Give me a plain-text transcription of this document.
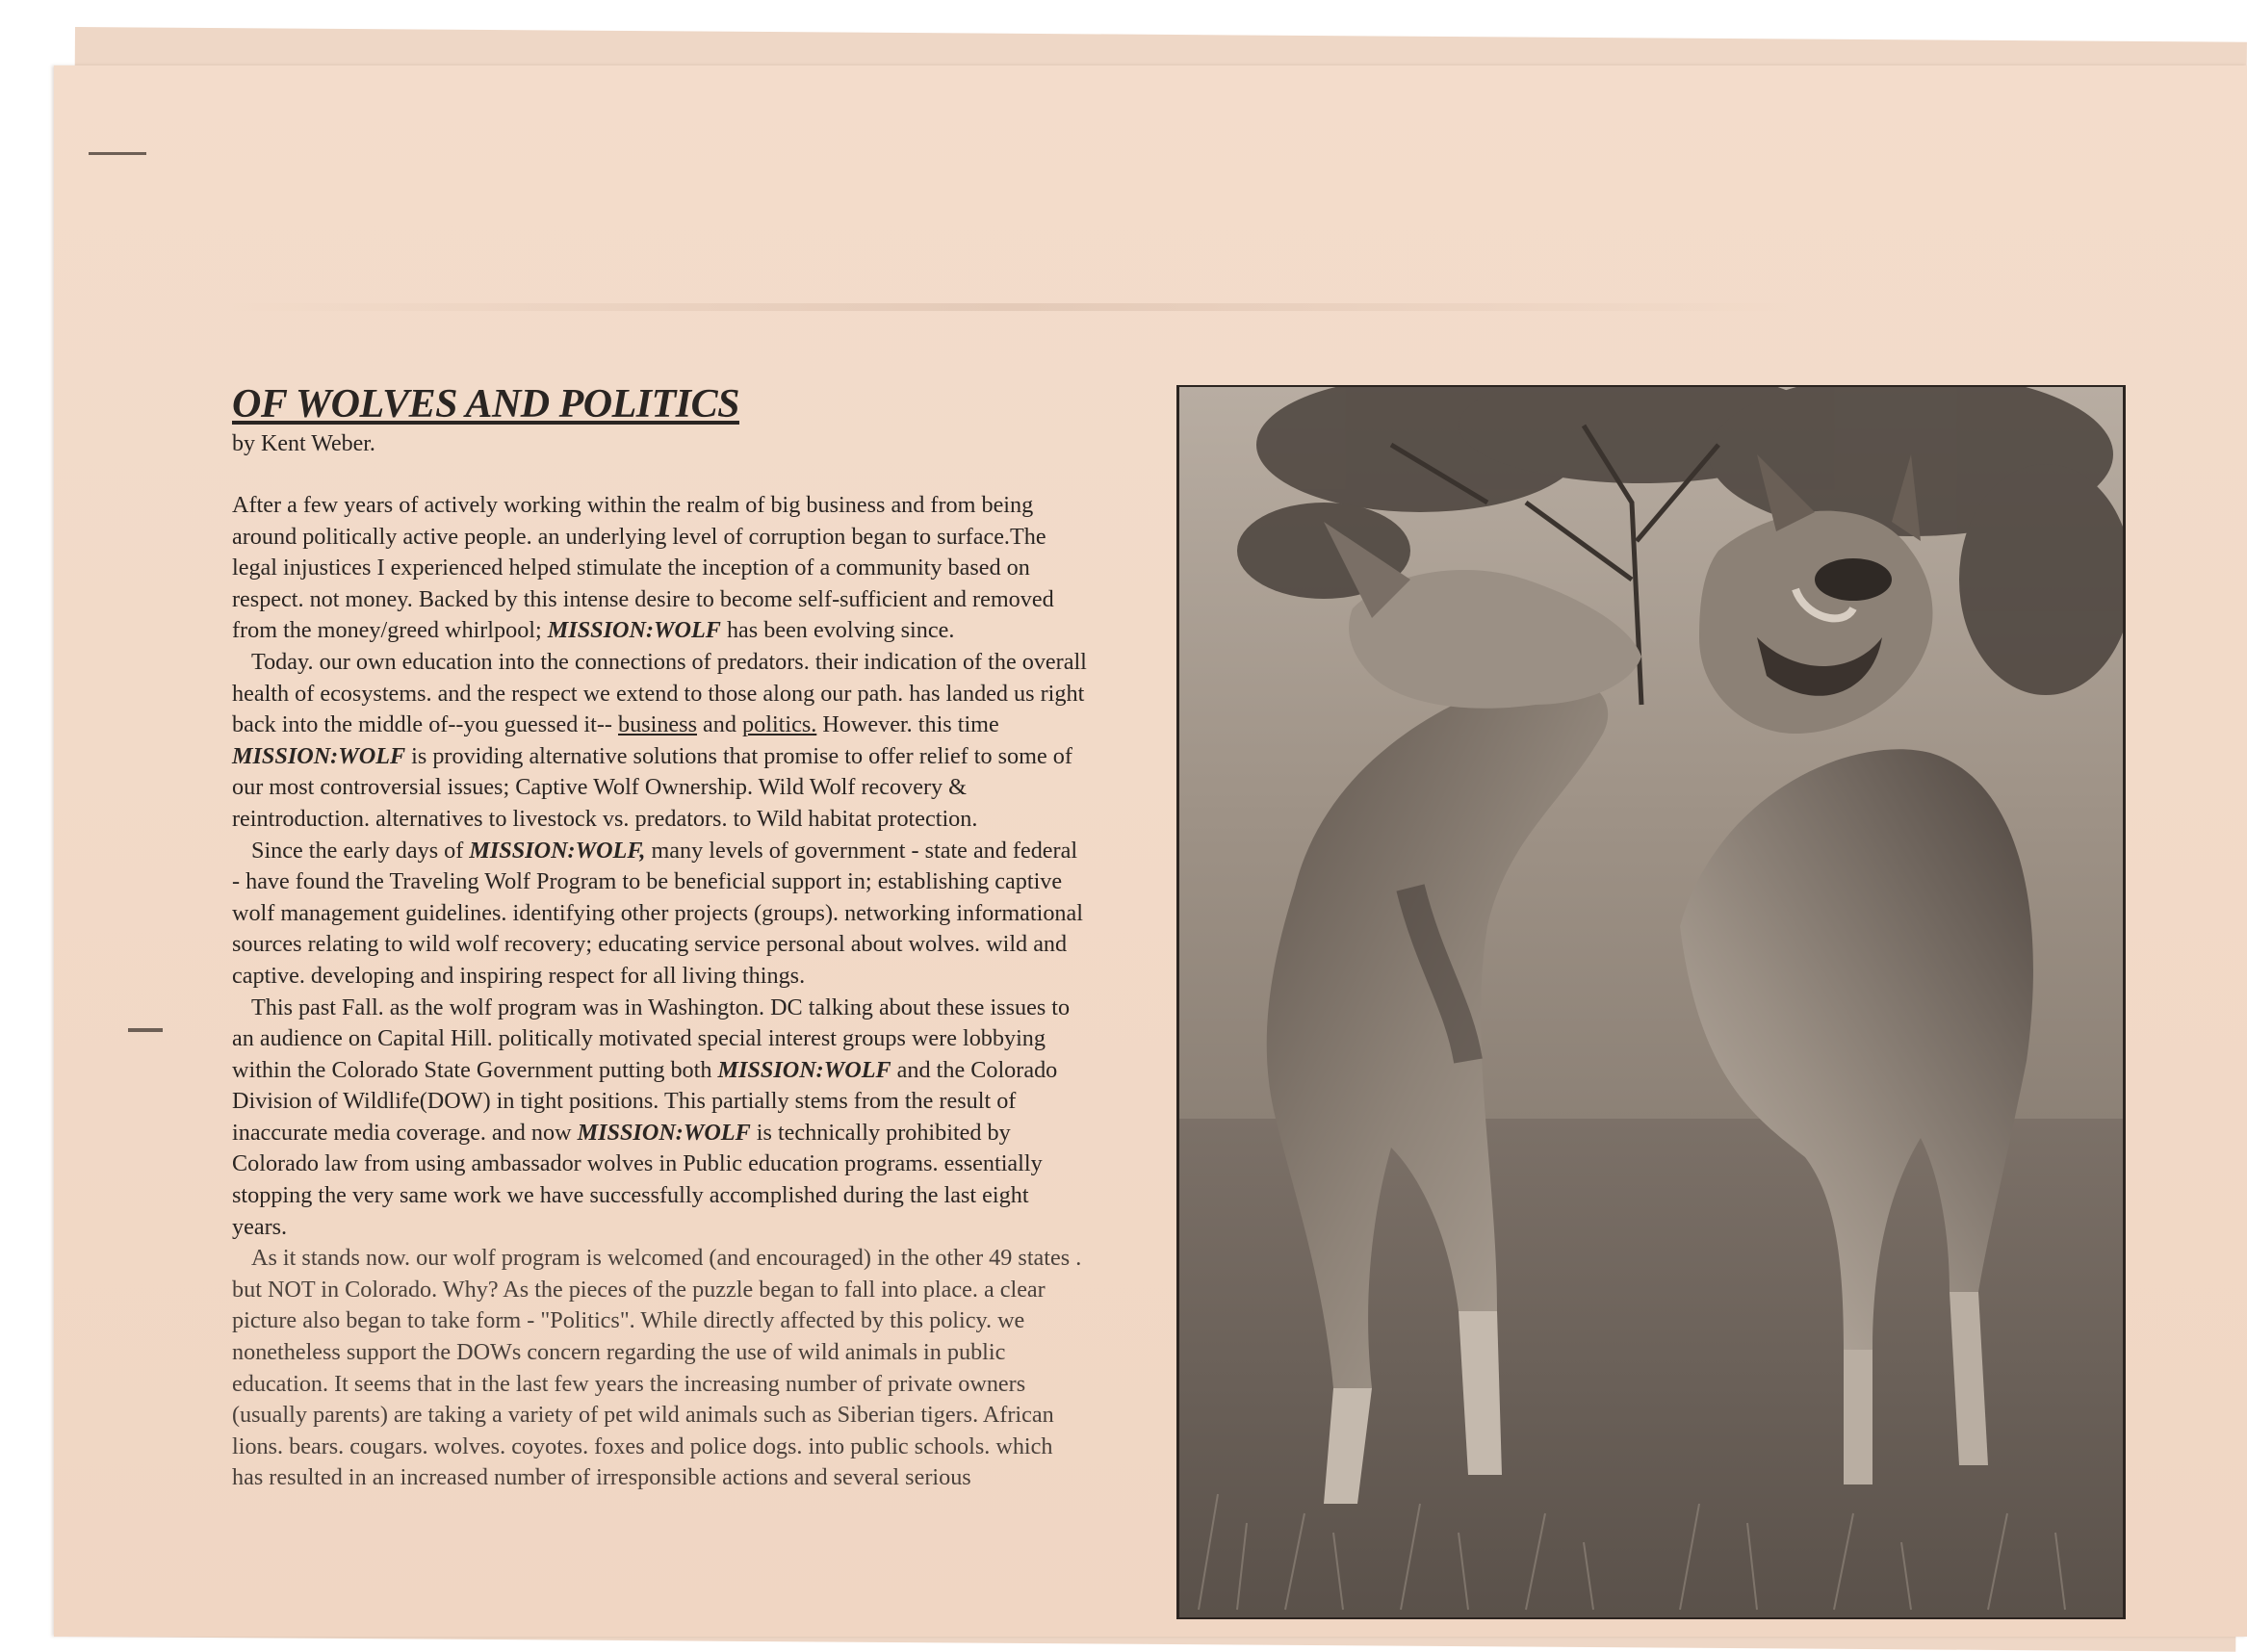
OF WOLVES AND POLITICS
by Kent Weber.

After a few years of actively working within the realm of big business and from being around politically active people. an underlying level of corruption began to surface.The legal injustices I experienced helped stimulate the inception of a community based on respect. not money. Backed by this intense desire to become self-sufficient and removed from the money/greed whirlpool; MISSION:WOLF has been evolving since.

Today. our own education into the connections of predators. their indication of the overall health of ecosystems. and the respect we extend to those along our path. has landed us right back into the middle of--you guessed it-- business and politics. However. this time MISSION:WOLF is providing alternative solutions that promise to offer relief to some of our most controversial issues; Captive Wolf Ownership. Wild Wolf recovery & reintroduction. alternatives to livestock vs. predators. to Wild habitat protection.

Since the early days of MISSION:WOLF, many levels of government - state and federal - have found the Traveling Wolf Program to be beneficial support in; establishing captive wolf management guidelines. identifying other projects (groups). networking informational sources relating to wild wolf recovery; educating service personal about wolves. wild and captive. developing and inspiring respect for all living things.

This past Fall. as the wolf program was in Washington. DC talking about these issues to an audience on Capital Hill. politically motivated special interest groups were lobbying within the Colorado State Government putting both MISSION:WOLF and the Colorado Division of Wildlife(DOW) in tight positions. This partially stems from the result of inaccurate media coverage. and now MISSION:WOLF is technically prohibited by Colorado law from using ambassador wolves in Public education programs. essentially stopping the very same work we have successfully accomplished during the last eight years.

As it stands now. our wolf program is welcomed (and encouraged) in the other 49 states . but NOT in Colorado. Why? As the pieces of the puzzle began to fall into place. a clear picture also began to take form - "Politics". While directly affected by this policy. we nonetheless support the DOWs concern regarding the use of wild animals in public education. It seems that in the last few years the increasing number of private owners (usually parents) are taking a variety of pet wild animals such as Siberian tigers. African lions. bears. cougars. wolves. coyotes. foxes and police dogs. into public schools. which has resulted in an increased number of irresponsible actions and several serious
